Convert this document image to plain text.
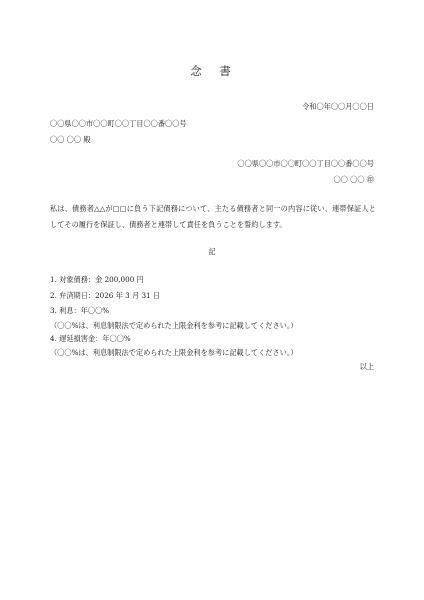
念　書
令和〇年〇〇月〇〇日
〇〇県〇〇市〇〇町〇〇丁目〇〇番〇〇号
〇〇 〇〇 殿
〇〇県〇〇市〇〇町〇〇丁目〇〇番〇〇号
〇〇 〇〇 ㊞
私は、債務者△△が□□に負う下記債務について、主たる債務者と同一の内容に従い、連帯保証人としてその履行を保証し、債務者と連帯して責任を負うことを誓約します。
記
1. 対象債務：金 200,000 円
2. 弁済期日：2026 年 3 月 31 日
3. 利息：年〇〇%
（〇〇%は、利息制限法で定められた上限金利を参考に記載してください。）
4. 遅延損害金：年〇〇%
（〇〇%は、利息制限法で定められた上限金利を参考に記載してください。）
以上
